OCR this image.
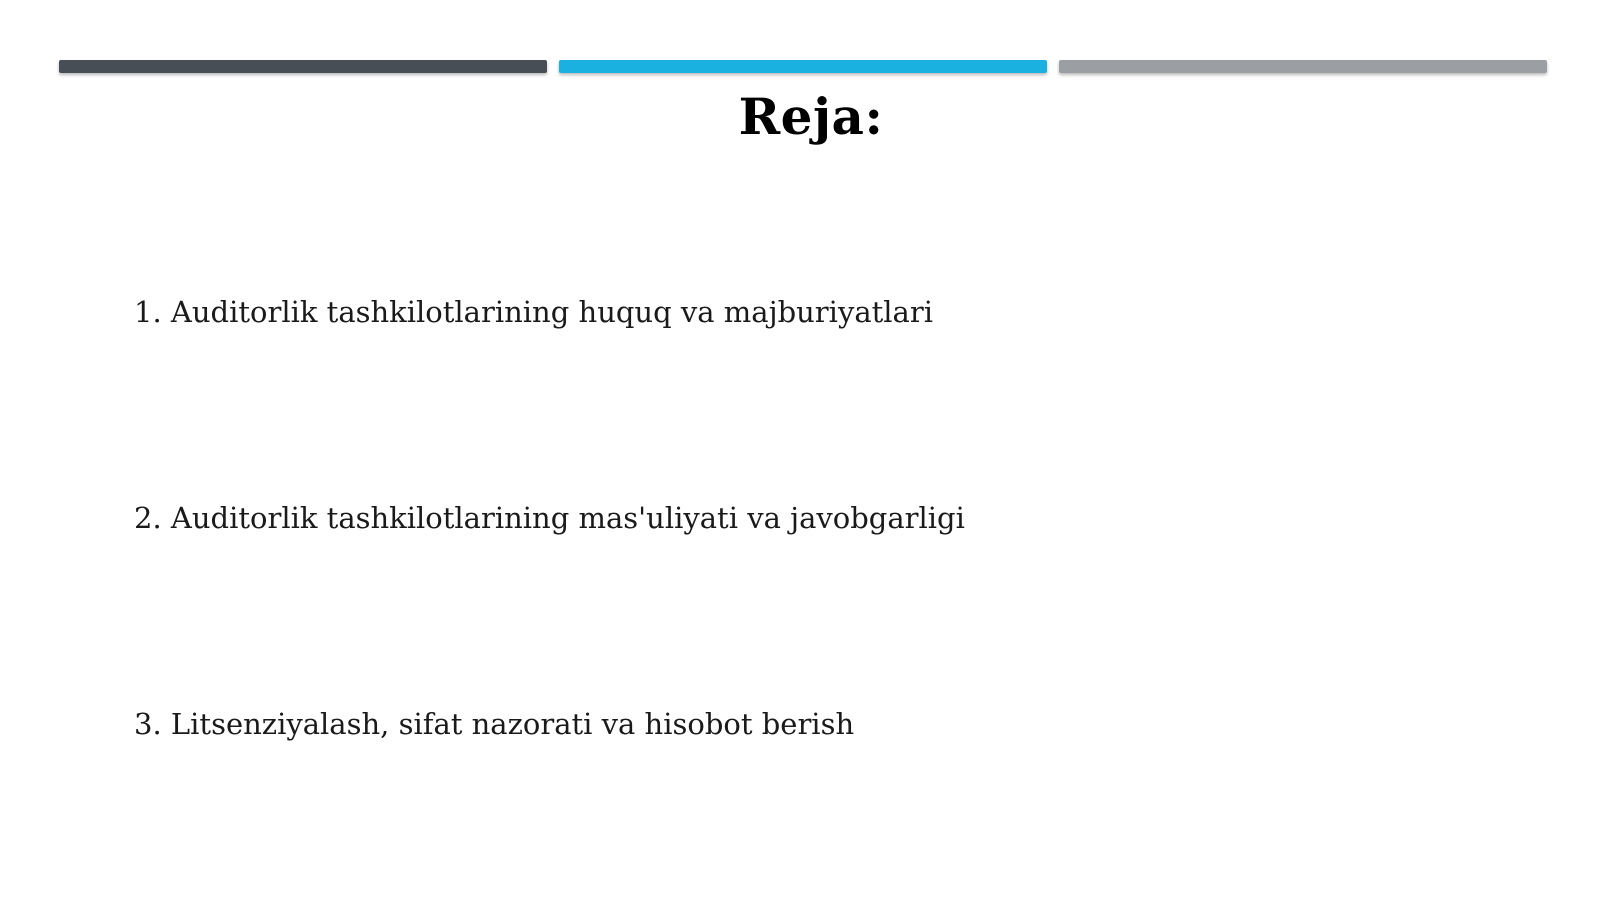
Reja:
1. Auditorlik tashkilotlarining huquq va majburiyatlari
2. Auditorlik tashkilotlarining mas'uliyati va javobgarligi
3. Litsenziyalash, sifat nazorati va hisobot berish
